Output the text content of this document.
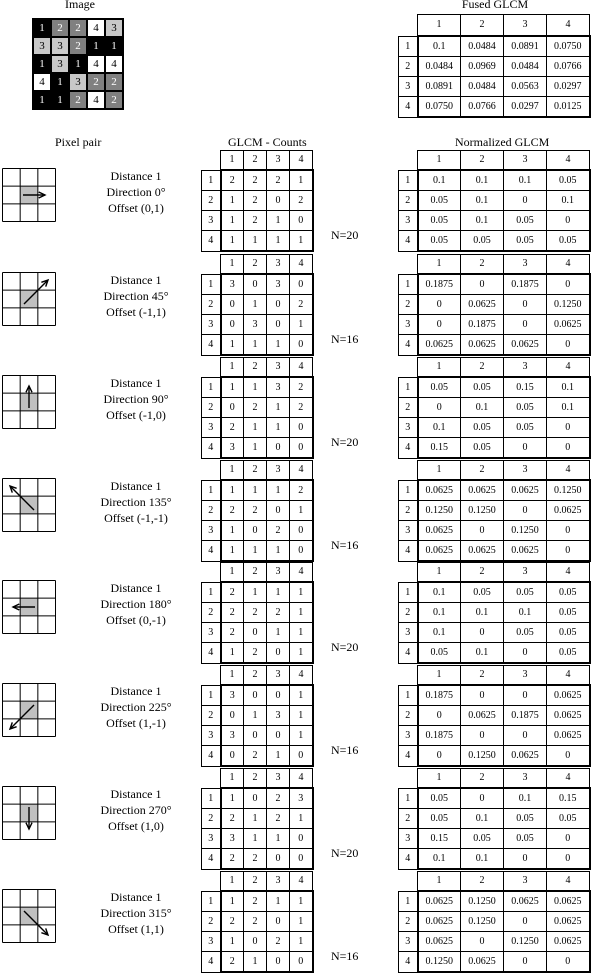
Image
1	2	2	4	3
3	3	2	1	1
1	3	1	4	4
4	1	3	2	2
1	1	2	4	2
Fused GLCM
	1	2	3	4
1	0.1	0.0484	0.0891	0.0750
2	0.0484	0.0969	0.0484	0.0766
3	0.0891	0.0484	0.0563	0.0297
4	0.0750	0.0766	0.0297	0.0125
Pixel pair	GLCM - Counts	Normalized GLCM
Distance 1
Direction 0°
Offset (0,1)
	1	2	3	4
1	2	2	2	1
2	1	2	0	2
3	1	2	1	0
4	1	1	1	1 N=20
	1	2	3	4
1	0.1	0.1	0.1	0.05
2	0.05	0.1	0	0.1
3	0.05	0.1	0.05	0
4	0.05	0.05	0.05	0.05
Distance 1
Direction 45°
Offset (-1,1)
	1	2	3	4
1	3	0	3	0
2	0	1	0	2
3	0	3	0	1
4	1	1	1	0 N=16
	1	2	3	4
1	0.1875	0	0.1875	0
2	0	0.0625	0	0.1250
3	0	0.1875	0	0.0625
4	0.0625	0.0625	0.0625	0
Distance 1
Direction 90°
Offset (-1,0)
	1	2	3	4
1	1	1	3	2
2	0	2	1	2
3	2	1	1	0
4	3	1	0	0 N=20
	1	2	3	4
1	0.05	0.05	0.15	0.1
2	0	0.1	0.05	0.1
3	0.1	0.05	0.05	0
4	0.15	0.05	0	0
Distance 1
Direction 135°
Offset (-1,-1)
	1	2	3	4
1	1	1	1	2
2	2	2	0	1
3	1	0	2	0
4	1	1	1	0 N=16
	1	2	3	4
1	0.0625	0.0625	0.0625	0.1250
2	0.1250	0.1250	0	0.0625
3	0.0625	0	0.1250	0
4	0.0625	0.0625	0.0625	0
Distance 1
Direction 180°
Offset (0,-1)
	1	2	3	4
1	2	1	1	1
2	2	2	2	1
3	2	0	1	1
4	1	2	0	1 N=20
	1	2	3	4
1	0.1	0.05	0.05	0.05
2	0.1	0.1	0.1	0.05
3	0.1	0	0.05	0.05
4	0.05	0.1	0	0.05
Distance 1
Direction 225°
Offset (1,-1)
	1	2	3	4
1	3	0	0	1
2	0	1	3	1
3	3	0	0	1
4	0	2	1	0 N=16
	1	2	3	4
1	0.1875	0	0	0.0625
2	0	0.0625	0.1875	0.0625
3	0.1875	0	0	0.0625
4	0	0.1250	0.0625	0
Distance 1
Direction 270°
Offset (1,0)
	1	2	3	4
1	1	0	2	3
2	2	1	2	1
3	3	1	1	0
4	2	2	0	0 N=20
	1	2	3	4
1	0.05	0	0.1	0.15
2	0.05	0.1	0.05	0.05
3	0.15	0.05	0.05	0
4	0.1	0.1	0	0
Distance 1
Direction 315°
Offset (1,1)
	1	2	3	4
1	1	2	1	1
2	2	2	0	1
3	1	0	2	1
4	2	1	0	0 N=16
	1	2	3	4
1	0.0625	0.1250	0.0625	0.0625
2	0.0625	0.1250	0	0.0625
3	0.0625	0	0.1250	0.0625
4	0.1250	0.0625	0	0
